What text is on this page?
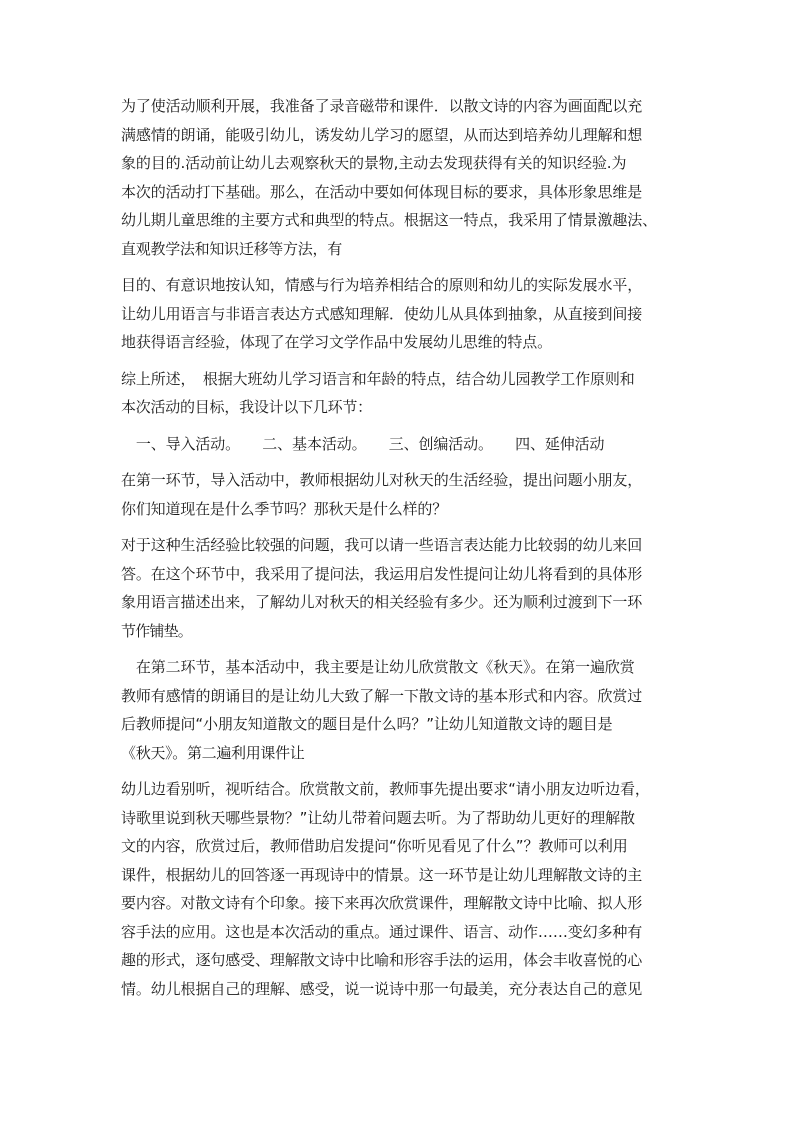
为了使活动顺利开展，我准备了录音磁带和课件．以散文诗的内容为画面配以充
满感情的朗诵，能吸引幼儿，诱发幼儿学习的愿望，从而达到培养幼儿理解和想
象的目的.活动前让幼儿去观察秋天的景物,主动去发现获得有关的知识经验.为
本次的活动打下基础。那么，在活动中要如何体现目标的要求，具体形象思维是
幼儿期儿童思维的主要方式和典型的特点。根据这一特点，我采用了情景激趣法、
直观教学法和知识迁移等方法，有
目的、有意识地按认知，情感与行为培养相结合的原则和幼儿的实际发展水平，
让幼儿用语言与非语言表达方式感知理解．使幼儿从具体到抽象，从直接到间接
地获得语言经验，体现了在学习文学作品中发展幼儿思维的特点。
综上所述，　根据大班幼儿学习语言和年龄的特点，结合幼儿园教学工作原则和
本次活动的目标，我设计以下几环节：
　一、导入活动。　　二、基本活动。　　三、创编活动。　　四、延伸活动
在第一环节，导入活动中，教师根据幼儿对秋天的生活经验，提出问题小朋友，
你们知道现在是什么季节吗？那秋天是什么样的？
对于这种生活经验比较强的问题，我可以请一些语言表达能力比较弱的幼儿来回
答。在这个环节中，我采用了提问法，我运用启发性提问让幼儿将看到的具体形
象用语言描述出来，了解幼儿对秋天的相关经验有多少。还为顺利过渡到下一环
节作铺垫。
　在第二环节，基本活动中，我主要是让幼儿欣赏散文《秋天》。在第一遍欣赏
教师有感情的朗诵目的是让幼儿大致了解一下散文诗的基本形式和内容。欣赏过
后教师提问“小朋友知道散文的题目是什么吗？”让幼儿知道散文诗的题目是
《秋天》。第二遍利用课件让
幼儿边看别听，视听结合。欣赏散文前，教师事先提出要求“请小朋友边听边看，
诗歌里说到秋天哪些景物？”让幼儿带着问题去听。为了帮助幼儿更好的理解散
文的内容，欣赏过后，教师借助启发提问“你听见看见了什么”？教师可以利用
课件，根据幼儿的回答逐一再现诗中的情景。这一环节是让幼儿理解散文诗的主
要内容。对散文诗有个印象。接下来再次欣赏课件，理解散文诗中比喻、拟人形
容手法的应用。这也是本次活动的重点。通过课件、语言、动作……变幻多种有
趣的形式，逐句感受、理解散文诗中比喻和形容手法的运用，体会丰收喜悦的心
情。幼儿根据自己的理解、感受，说一说诗中那一句最美，充分表达自己的意见
